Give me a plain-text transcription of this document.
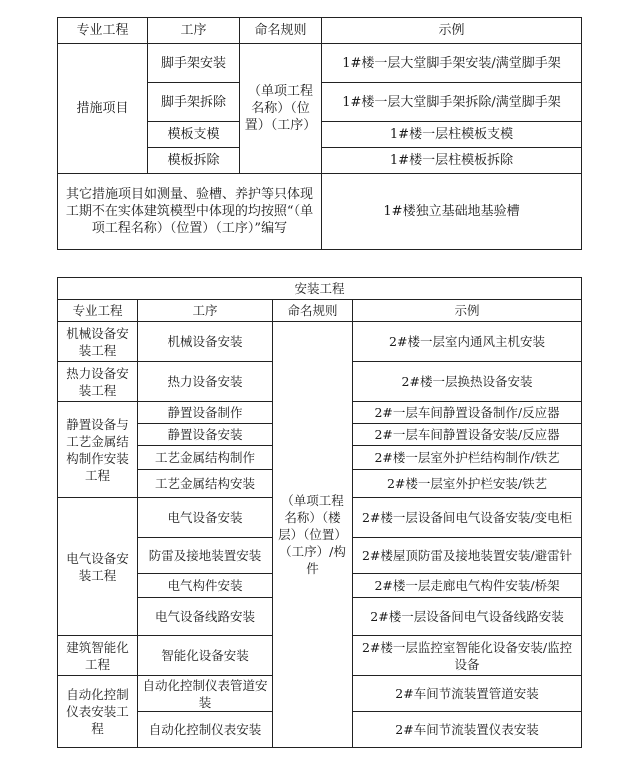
专业工程	工序	命名规则	示例
措施项目	脚手架安装	（单项工程名称）（位置）（工序）	1#楼一层大堂脚手架安装/满堂脚手架
	脚手架拆除		1#楼一层大堂脚手架拆除/满堂脚手架
	模板支模		1#楼一层柱模板支模
	模板拆除		1#楼一层柱模板拆除
其它措施项目如测量、验槽、养护等只体现工期不在实体建筑模型中体现的均按照“（单项工程名称）（位置）（工序）”编写			1#楼独立基础地基验槽
安装工程			
专业工程	工序	命名规则	示例
机械设备安装工程	机械设备安装	（单项工程名称）（楼层）（位置）（工序）/构件	2#楼一层室内通风主机安装
热力设备安装工程	热力设备安装		2#楼一层换热设备安装
静置设备与工艺金属结构制作安装工程	静置设备制作		2#一层车间静置设备制作/反应器
	静置设备安装		2#一层车间静置设备安装/反应器
	工艺金属结构制作		2#楼一层室外护栏结构制作/铁艺
	工艺金属结构安装		2#楼一层室外护栏安装/铁艺
电气设备安装工程	电气设备安装		2#楼一层设备间电气设备安装/变电柜
	防雷及接地装置安装		2#楼屋顶防雷及接地装置安装/避雷针
	电气构件安装		2#楼一层走廊电气构件安装/桥架
	电气设备线路安装		2#楼一层设备间电气设备线路安装
建筑智能化工程	智能化设备安装		2#楼一层监控室智能化设备安装/监控设备
自动化控制仪表安装工程	自动化控制仪表管道安装		2#车间节流装置管道安装
	自动化控制仪表安装		2#车间节流装置仪表安装
